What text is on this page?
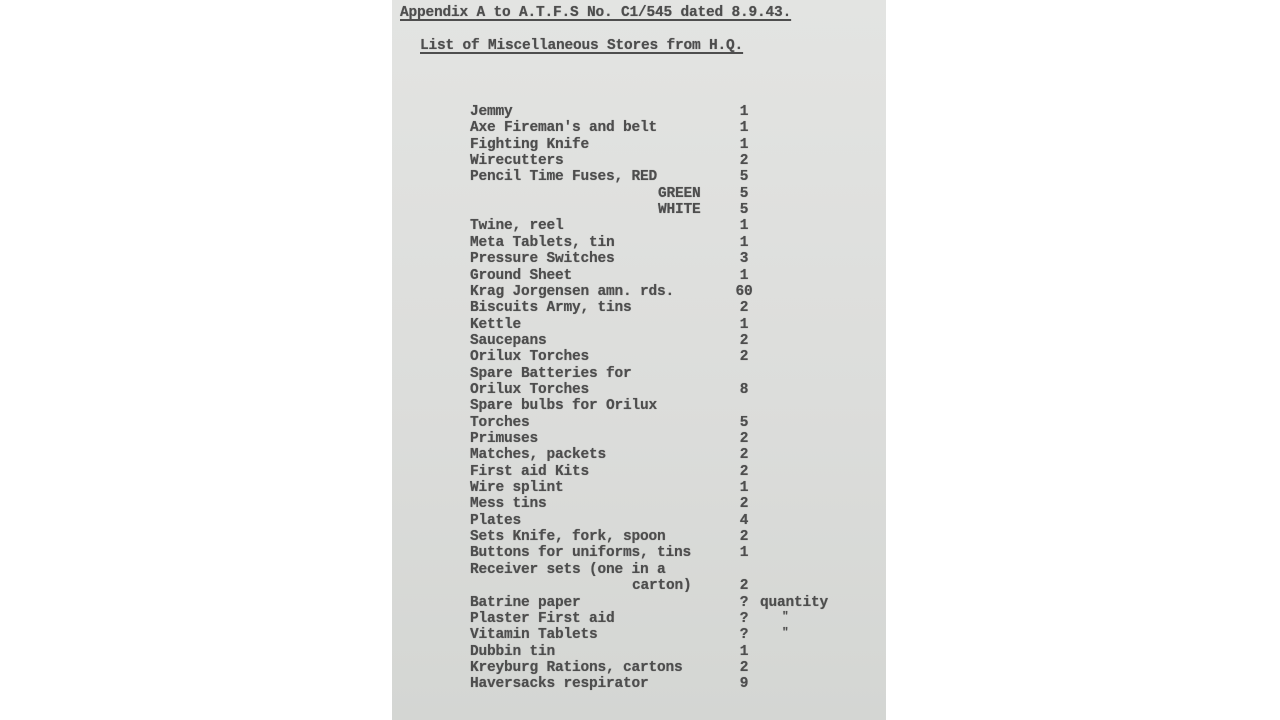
Appendix A to A.T.F.S No. C1/545 dated 8.9.43.
List of Miscellaneous Stores from H.Q.
Jemmy	1
Axe Fireman's and belt	1
Fighting Knife	1
Wirecutters	2
Pencil Time Fuses, RED	5
GREEN	5
WHITE	5
Twine, reel	1
Meta Tablets, tin	1
Pressure Switches	3
Ground Sheet	1
Krag Jorgensen amn. rds.	60
Biscuits Army, tins	2
Kettle	1
Saucepans	2
Orilux Torches	2
Spare Batteries for
Orilux Torches	8
Spare bulbs for Orilux
Torches	5
Primuses	2
Matches, packets	2
First aid Kits	2
Wire splint	1
Mess tins	2
Plates	4
Sets Knife, fork, spoon	2
Buttons for uniforms, tins	1
Receiver sets (one in a
carton)	2
Batrine paper	? quantity
Plaster First aid	?	"
Vitamin Tablets	?	"
Dubbin tin	1
Kreyburg Rations, cartons	2
Haversacks respirator	9
